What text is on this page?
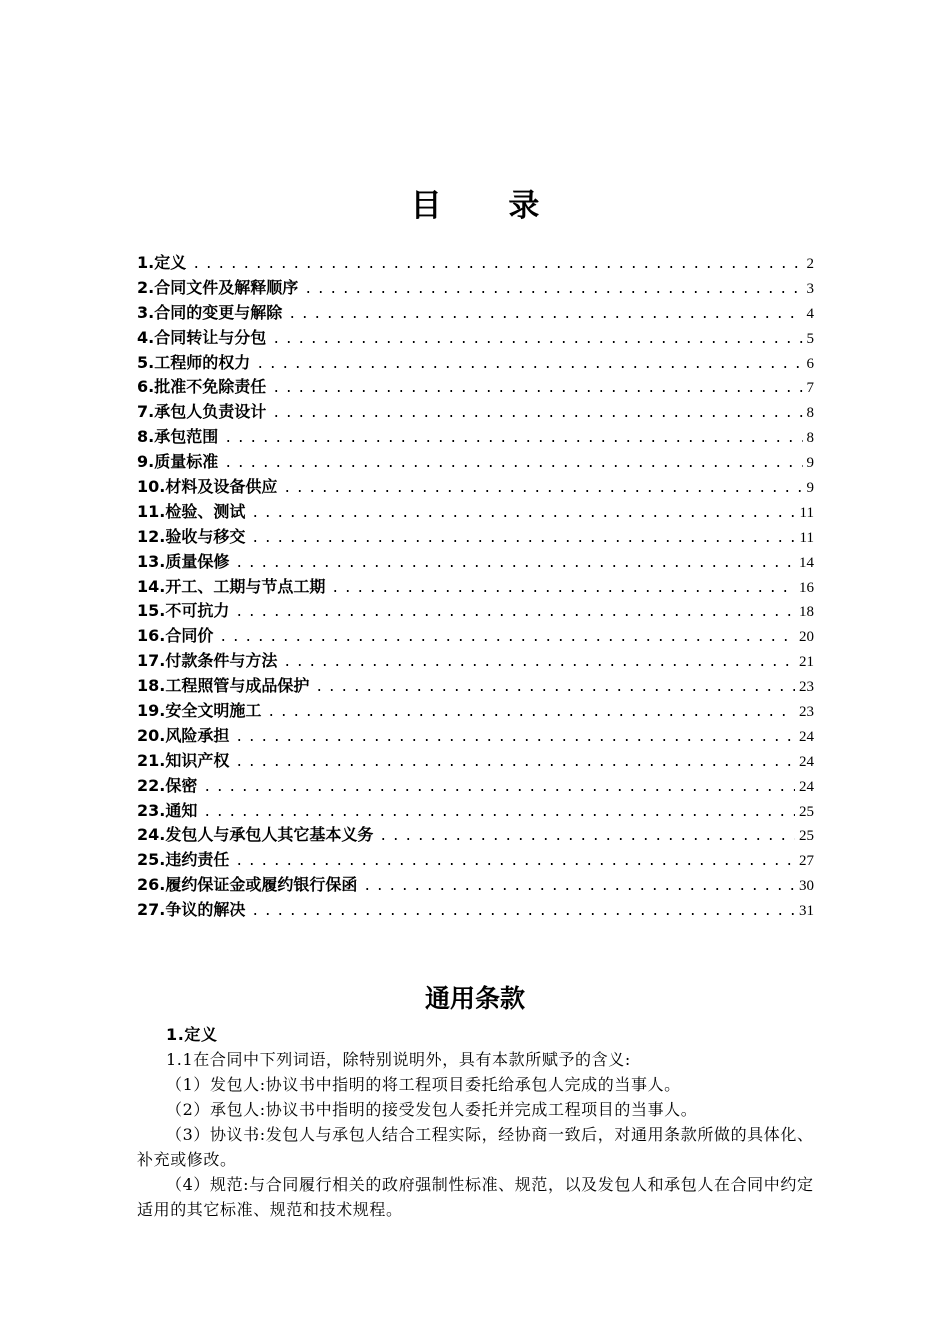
目 录
1.定义	2
2.合同文件及解释顺序	3
3.合同的变更与解除	4
4.合同转让与分包	5
5.工程师的权力	6
6.批准不免除责任	7
7.承包人负责设计	8
8.承包范围	8
9.质量标准	9
10.材料及设备供应	9
11.检验、测试	11
12.验收与移交	11
13.质量保修	14
14.开工、工期与节点工期	16
15.不可抗力	18
16.合同价	20
17.付款条件与方法	21
18.工程照管与成品保护	23
19.安全文明施工	23
20.风险承担	24
21.知识产权	24
22.保密	24
23.通知	25
24.发包人与承包人其它基本义务	25
25.违约责任	27
26.履约保证金或履约银行保函	30
27.争议的解决	31
通用条款

1.定义

1.1在合同中下列词语，除特别说明外，具有本款所赋予的含义:

（1）发包人:协议书中指明的将工程项目委托给承包人完成的当事人。

（2）承包人:协议书中指明的接受发包人委托并完成工程项目的当事人。

（3）协议书:发包人与承包人结合工程实际，经协商一致后，对通用条款所做的具体化、补充或修改。

（4）规范:与合同履行相关的政府强制性标准、规范，以及发包人和承包人在合同中约定适用的其它标准、规范和技术规程。
